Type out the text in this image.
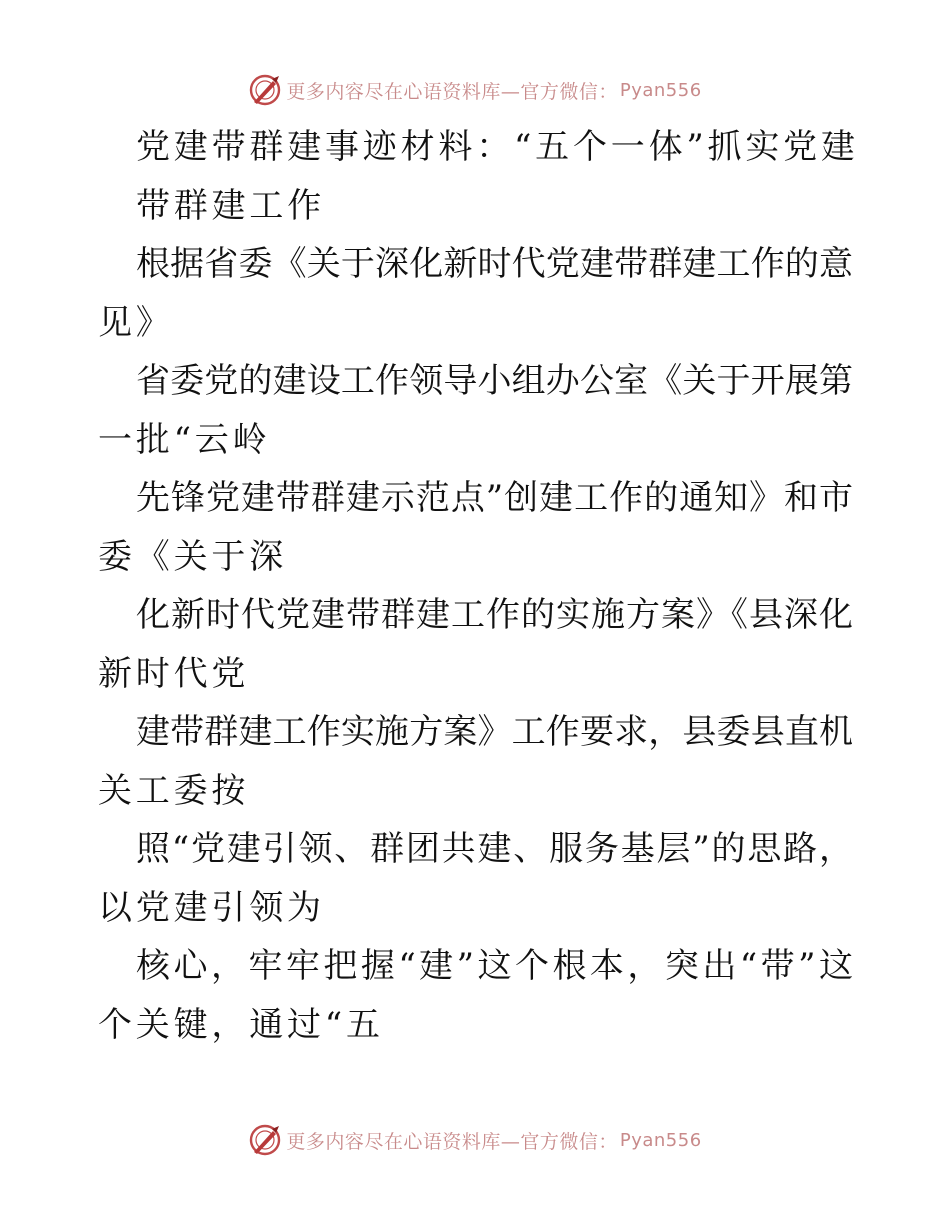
更多内容尽在心语资料库—官方微信： Pyan556
党建带群建事迹材料：“五个一体”抓实党建
带群建工作
根据省委《关于深化新时代党建带群建工作的意
见》
省委党的建设工作领导小组办公室《关于开展第
一批“云岭
先锋党建带群建示范点”创建工作的通知》和市
委《关于深
化新时代党建带群建工作的实施方案》《县深化
新时代党
建带群建工作实施方案》工作要求，县委县直机
关工委按
照“党建引领、群团共建、服务基层”的思路，
以党建引领为
核心，牢牢把握“建”这个根本，突出“带”这
个关键，通过“五
更多内容尽在心语资料库—官方微信： Pyan556
